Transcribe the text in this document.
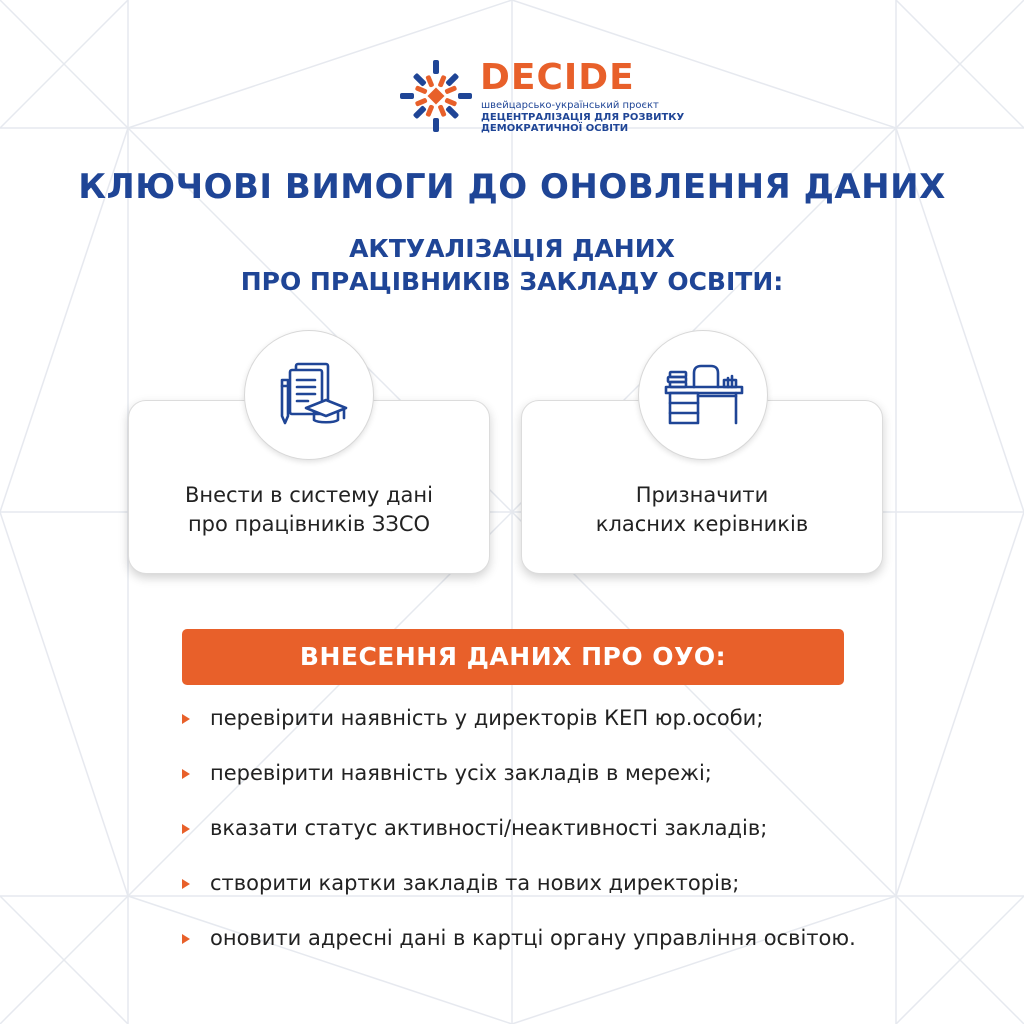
DECIDE
швейцарсько-український проєкт
ДЕЦЕНТРАЛІЗАЦІЯ ДЛЯ РОЗВИТКУ
ДЕМОКРАТИЧНОЇ ОСВІТИ
КЛЮЧОВІ ВИМОГИ ДО ОНОВЛЕННЯ ДАНИХ
АКТУАЛІЗАЦІЯ ДАНИХ
ПРО ПРАЦІВНИКІВ ЗАКЛАДУ ОСВІТИ:
Внести в систему дані
про працівників ЗЗСО
Призначити
класних керівників
ВНЕСЕННЯ ДАНИХ ПРО ОУО:
перевірити наявність у директорів КЕП юр.особи;
перевірити наявність усіх закладів в мережі;
вказати статус активності/неактивності закладів;
створити картки закладів та нових директорів;
оновити адресні дані в картці органу управління освітою.
